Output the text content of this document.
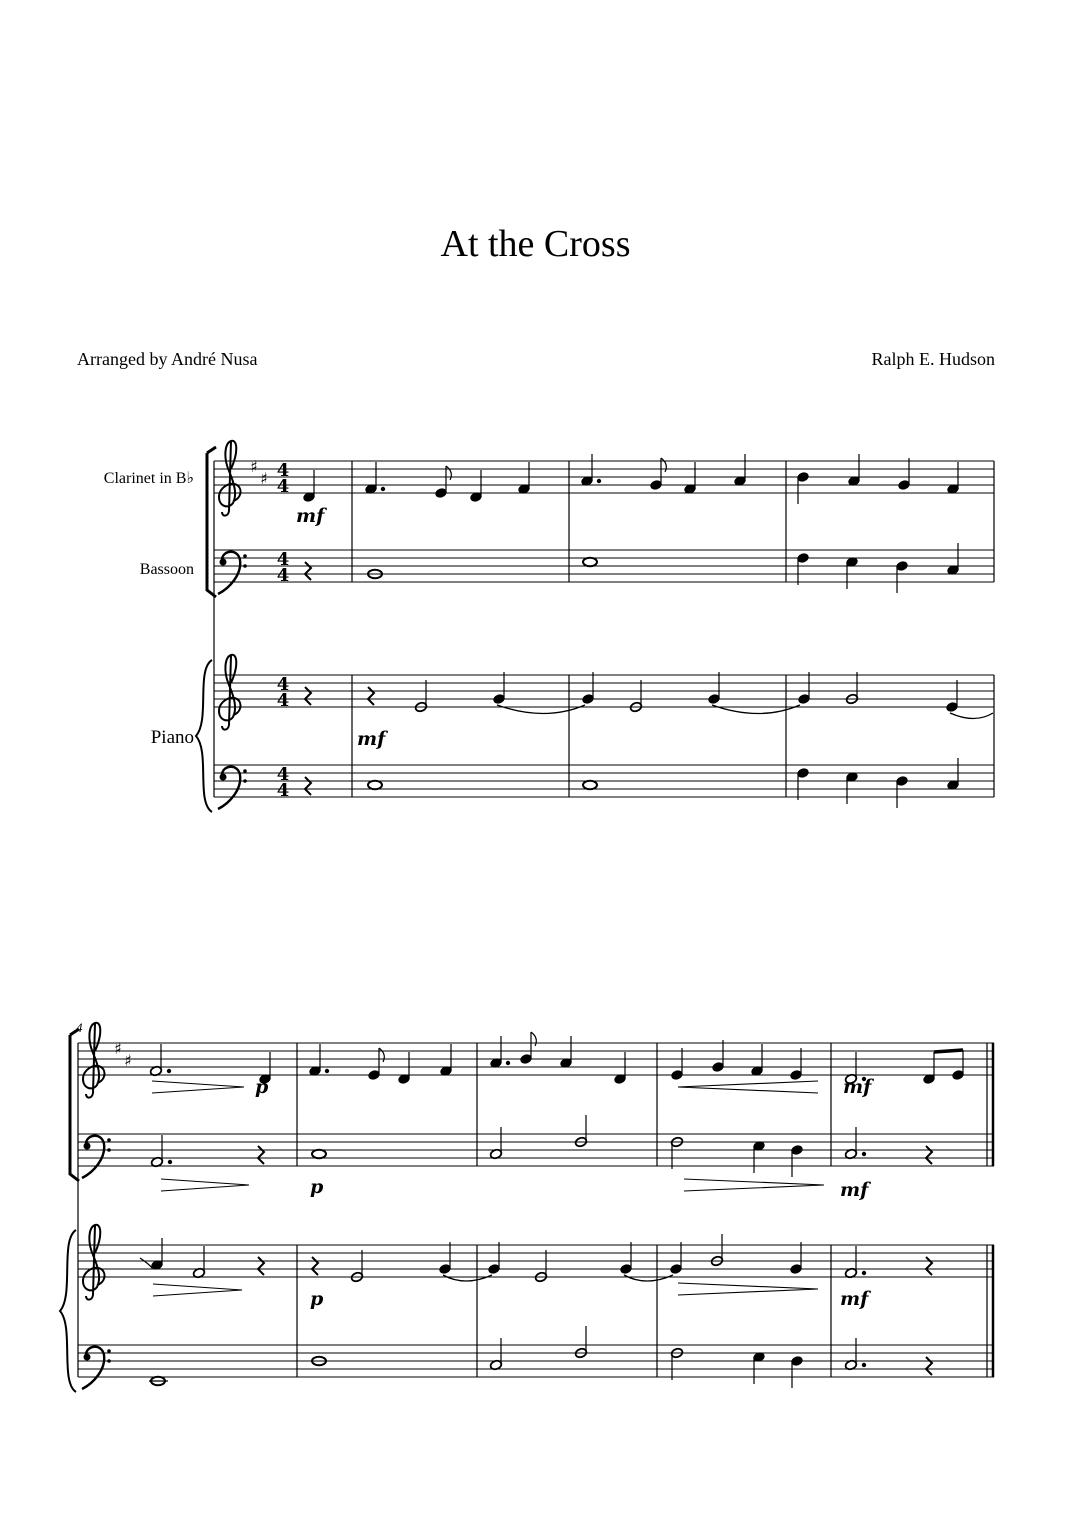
At the Cross
Arranged by André Nusa	Ralph E. Hudson
Clarinet in B♭
Bassoon
Piano
♯
♯ 4
4
4
4
4
4
4
4
mf
mf
4
♯
♯
p	mf
p	mf
p	mf
